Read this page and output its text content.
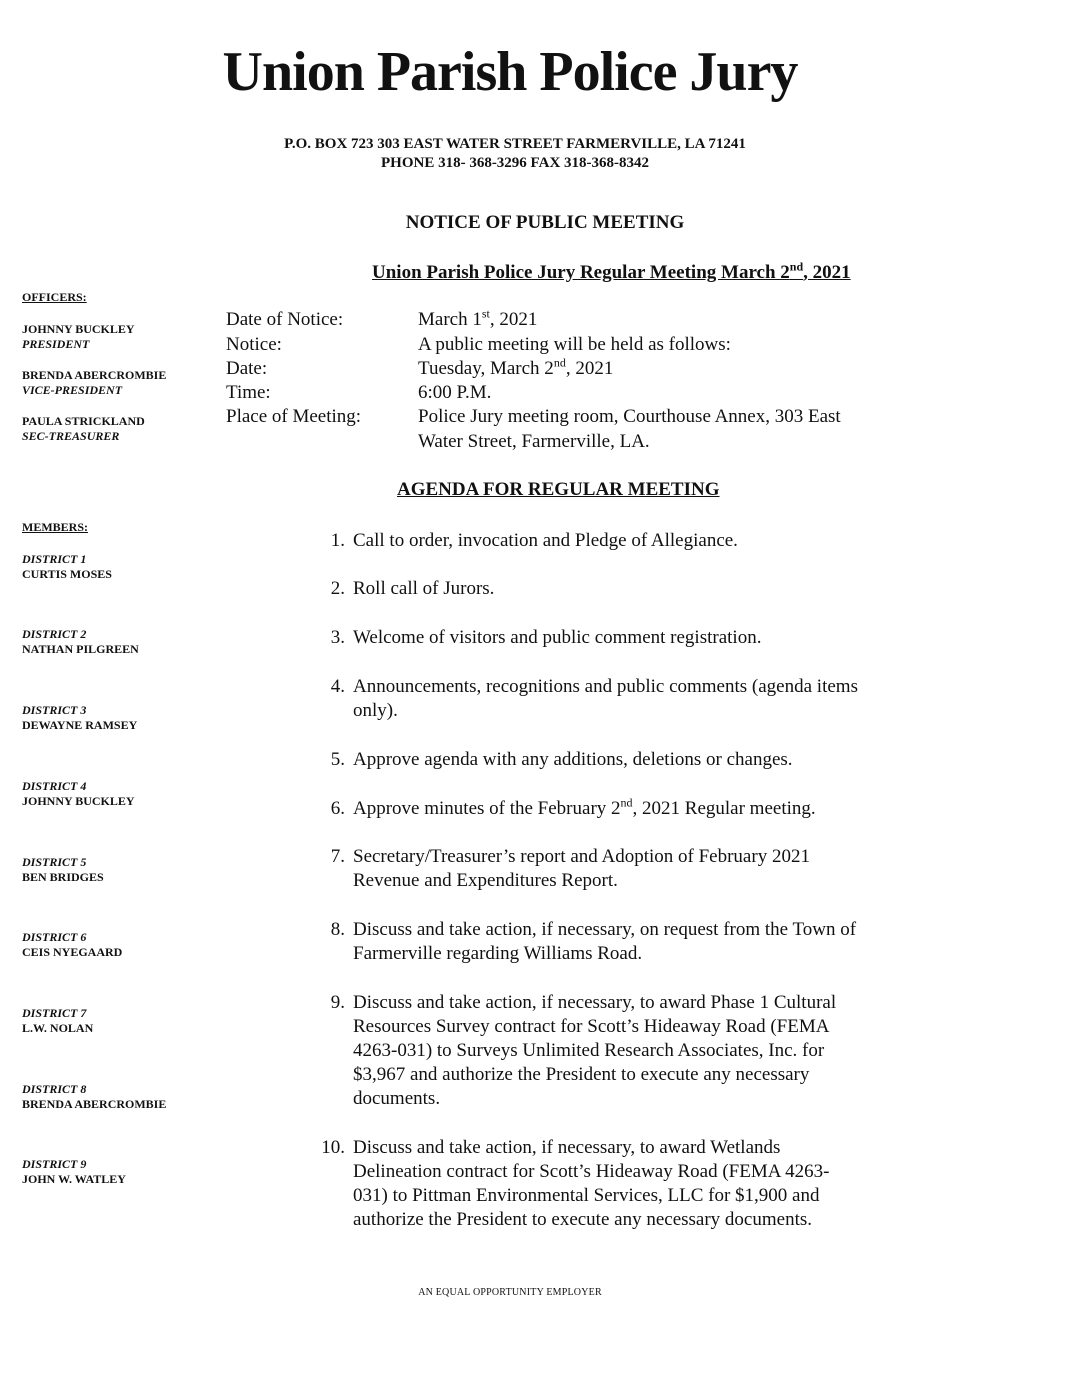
Union Parish Police Jury
P.O. BOX 723 303 EAST WATER STREET FARMERVILLE, LA 71241
PHONE 318- 368-3296 FAX 318-368-8342
NOTICE OF PUBLIC MEETING
Union Parish Police Jury Regular Meeting March 2nd, 2021
OFFICERS:
JOHNNY BUCKLEY
PRESIDENT
BRENDA ABERCROMBIE
VICE-PRESIDENT
PAULA STRICKLAND
SEC-TREASURER
MEMBERS:
DISTRICT 1
CURTIS MOSES
DISTRICT 2
NATHAN PILGREEN
DISTRICT 3
DEWAYNE RAMSEY
DISTRICT 4
JOHNNY BUCKLEY
DISTRICT 5
BEN BRIDGES
DISTRICT 6
CEIS NYEGAARD
DISTRICT 7
L.W. NOLAN
DISTRICT 8
BRENDA ABERCROMBIE
DISTRICT 9
JOHN W. WATLEY
Date of Notice:	March 1st, 2021
Notice:	A public meeting will be held as follows:
Date:	Tuesday, March 2nd, 2021
Time:	6:00 P.M.
Place of Meeting:	Police Jury meeting room, Courthouse Annex, 303 East
Water Street, Farmerville, LA.
AGENDA FOR REGULAR MEETING
1. Call to order, invocation and Pledge of Allegiance.
2. Roll call of Jurors.
3. Welcome of visitors and public comment registration.
4. Announcements, recognitions and public comments (agenda items
only).
5. Approve agenda with any additions, deletions or changes.
6. Approve minutes of the February 2nd, 2021 Regular meeting.
7. Secretary/Treasurer’s report and Adoption of February 2021
Revenue and Expenditures Report.
8. Discuss and take action, if necessary, on request from the Town of
Farmerville regarding Williams Road.
9. Discuss and take action, if necessary, to award Phase 1 Cultural
Resources Survey contract for Scott’s Hideaway Road (FEMA
4263-031) to Surveys Unlimited Research Associates, Inc. for
$3,967 and authorize the President to execute any necessary
documents.
10. Discuss and take action, if necessary, to award Wetlands
Delineation contract for Scott’s Hideaway Road (FEMA 4263-
031) to Pittman Environmental Services, LLC for $1,900 and
authorize the President to execute any necessary documents.
AN EQUAL OPPORTUNITY EMPLOYER
